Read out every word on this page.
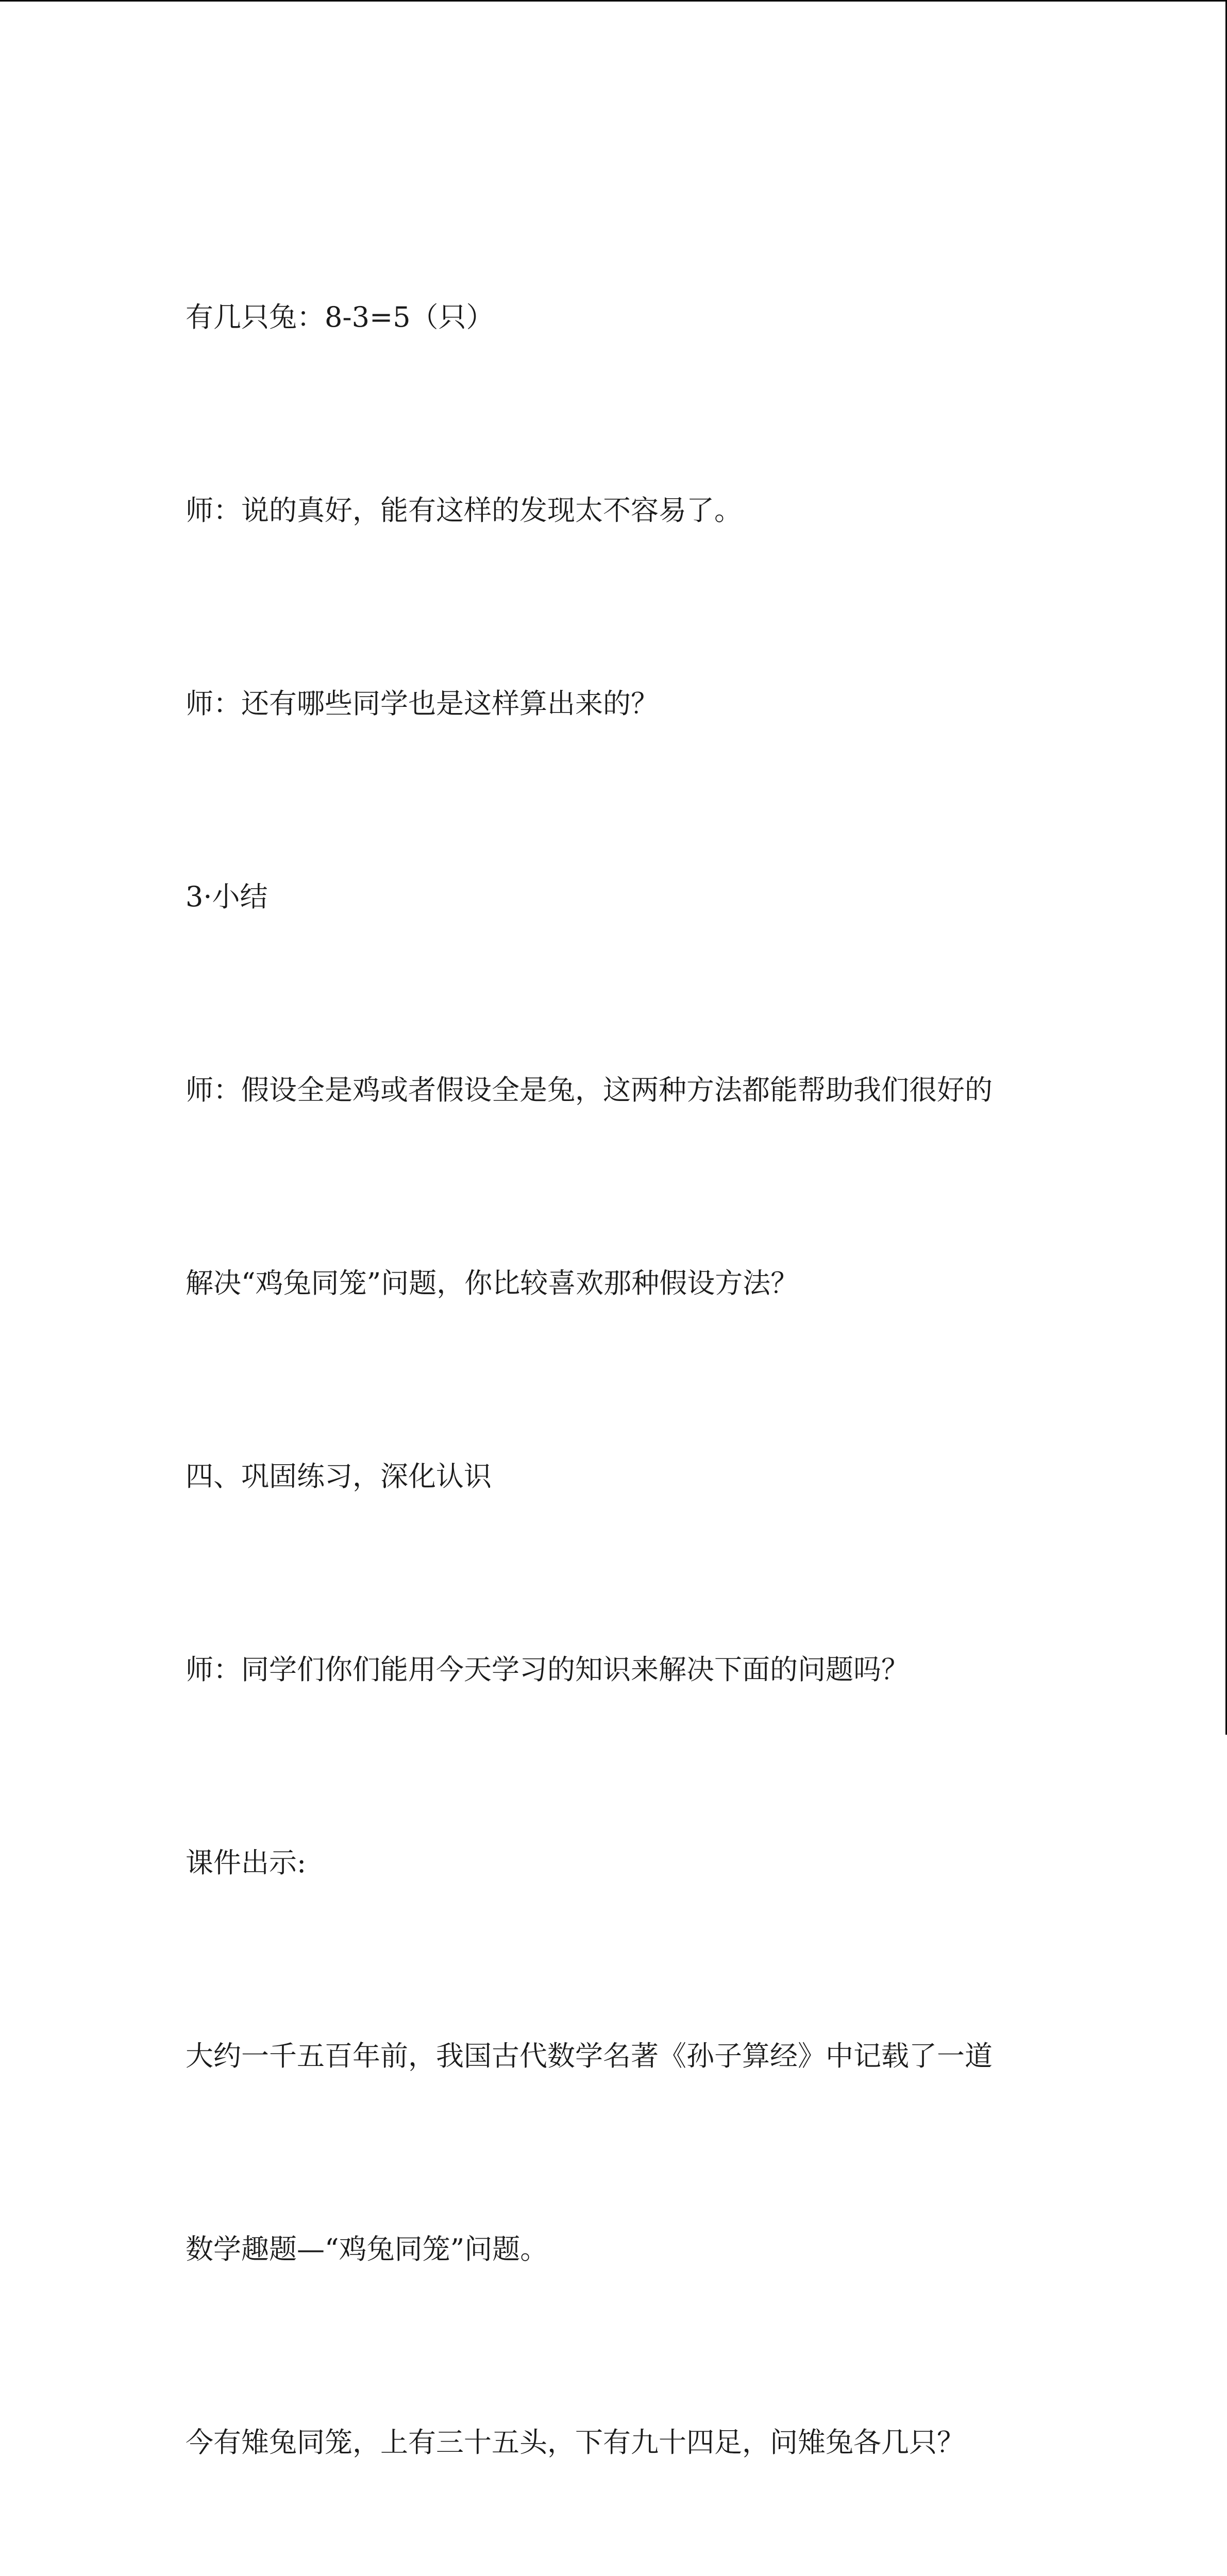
有几只兔：8-3=5（只）

师：说的真好，能有这样的发现太不容易了。

师：还有哪些同学也是这样算出来的？

3·小结

师：假设全是鸡或者假设全是兔，这两种方法都能帮助我们很好的

解决“鸡兔同笼”问题，你比较喜欢那种假设方法？

四、巩固练习，深化认识

师：同学们你们能用今天学习的知识来解决下面的问题吗？

课件出示:

大约一千五百年前，我国古代数学名著《孙子算经》中记载了一道

数学趣题—“鸡兔同笼”问题。

今有雉兔同笼，上有三十五头，下有九十四足，问雉兔各几只？
